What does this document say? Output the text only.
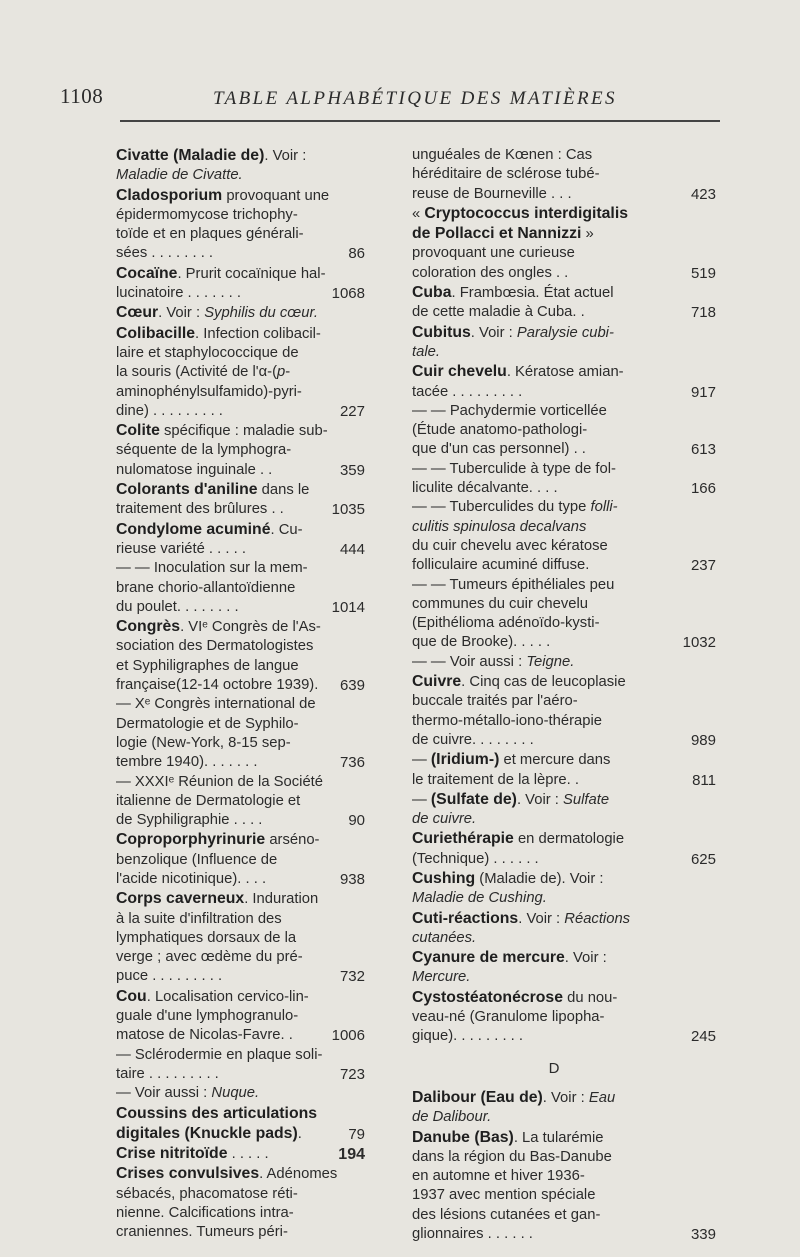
1108	TABLE ALPHABÉTIQUE DES MATIÈRES
Civatte (Maladie de). Voir :
Maladie de Civatte.
Cladosporium provoquant une
épidermomycose trichophy-
toïde et en plaques générali-
sées . . . . . . . .	86
Cocaïne. Prurit cocaïnique hal-
lucinatoire . . . . . . .	1068
Cœur. Voir : Syphilis du cœur.
Colibacille. Infection colibacil-
laire et staphylococcique de
la souris (Activité de l'α-(p-
aminophénylsulfamido)-pyri-
dine) . . . . . . . . .	227
Colite spécifique : maladie sub-
séquente de la lymphogra-
nulomatose inguinale . .	359
Colorants d'aniline dans le
traitement des brûlures . .	1035
Condylome acuminé. Cu-
rieuse variété . . . . .	444
— — Inoculation sur la mem-
brane chorio-allantoïdienne
du poulet. . . . . . . .	1014
Congrès. VIᵉ Congrès de l'As-
sociation des Dermatologistes
et Syphiligraphes de langue
française(12-14 octobre 1939).	639
— Xᵉ Congrès international de
Dermatologie et de Syphilo-
logie (New-York, 8-15 sep-
tembre 1940). . . . . . .	736
— XXXIᵉ Réunion de la Société
italienne de Dermatologie et
de Syphiligraphie . . . .	90
Coproporphyrinurie arséno-
benzolique (Influence de
l'acide nicotinique). . . .	938
Corps caverneux. Induration
à la suite d'infiltration des
lymphatiques dorsaux de la
verge ; avec œdème du pré-
puce . . . . . . . . .	732
Cou. Localisation cervico-lin-
guale d'une lymphogranulo-
matose de Nicolas-Favre. .	1006
— Sclérodermie en plaque soli-
taire . . . . . . . . .	723
— Voir aussi : Nuque.
Coussins des articulations
digitales (Knuckle pads).	79
Crise nitritoïde . . . . .	194
Crises convulsives. Adénomes
sébacés, phacomatose réti-
nienne. Calcifications intra-
craniennes. Tumeurs péri-
unguéales de Kœnen : Cas
héréditaire de sclérose tubé-
reuse de Bourneville . . .	423
« Cryptococcus interdigitalis
de Pollacci et Nannizzi »
provoquant une curieuse
coloration des ongles . .	519
Cuba. Frambœsia. État actuel
de cette maladie à Cuba. .	718
Cubitus. Voir : Paralysie cubi-
tale.
Cuir chevelu. Kératose amian-
tacée . . . . . . . . .	917
— — Pachydermie vorticellée
(Étude anatomo-pathologi-
que d'un cas personnel) . .	613
— — Tuberculide à type de fol-
liculite décalvante. . . .	166
— — Tuberculides du type folli-
culitis spinulosa decalvans
du cuir chevelu avec kératose
folliculaire acuminé diffuse.	237
— — Tumeurs épithéliales peu
communes du cuir chevelu
(Epithélioma adénoïdo-kysti-
que de Brooke). . . . .	1032
— — Voir aussi : Teigne.
Cuivre. Cinq cas de leucoplasie
buccale traités par l'aéro-
thermo-métallo-iono-thérapie
de cuivre. . . . . . . .	989
— (Iridium-) et mercure dans
le traitement de la lèpre. .	811
— (Sulfate de). Voir : Sulfate
de cuivre.
Curiethérapie en dermatologie
(Technique) . . . . . .	625
Cushing (Maladie de). Voir :
Maladie de Cushing.
Cuti-réactions. Voir : Réactions
cutanées.
Cyanure de mercure. Voir :
Mercure.
Cystostéatonécrose du nou-
veau-né (Granulome lipopha-
gique). . . . . . . . .	245
D
Dalibour (Eau de). Voir : Eau
de Dalibour.
Danube (Bas). La tularémie
dans la région du Bas-Danube
en automne et hiver 1936-
1937 avec mention spéciale
des lésions cutanées et gan-
glionnaires . . . . . .	339
